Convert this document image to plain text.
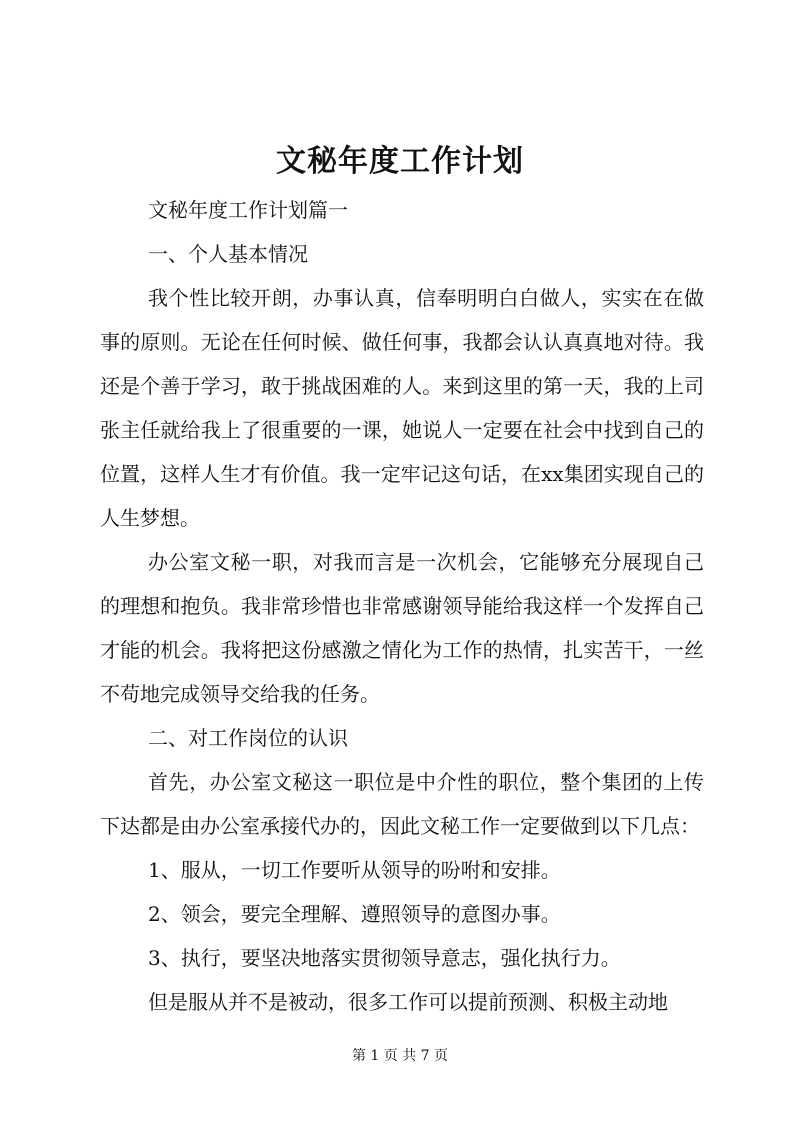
文秘年度工作计划

文秘年度工作计划篇一

一、个人基本情况

我个性比较开朗，办事认真，信奉明明白白做人，实实在在做事的原则。无论在任何时候、做任何事，我都会认认真真地对待。我还是个善于学习，敢于挑战困难的人。来到这里的第一天，我的上司张主任就给我上了很重要的一课，她说人一定要在社会中找到自己的位置，这样人生才有价值。我一定牢记这句话，在xx集团实现自己的人生梦想。

办公室文秘一职，对我而言是一次机会，它能够充分展现自己的理想和抱负。我非常珍惜也非常感谢领导能给我这样一个发挥自己才能的机会。我将把这份感激之情化为工作的热情，扎实苦干，一丝不苟地完成领导交给我的任务。

二、对工作岗位的认识

首先，办公室文秘这一职位是中介性的职位，整个集团的上传下达都是由办公室承接代办的，因此文秘工作一定要做到以下几点：

1、服从，一切工作要听从领导的吩咐和安排。

2、领会，要完全理解、遵照领导的意图办事。

3、执行，要坚决地落实贯彻领导意志，强化执行力。

但是服从并不是被动，很多工作可以提前预测、积极主动地

第 1 页 共 7 页
